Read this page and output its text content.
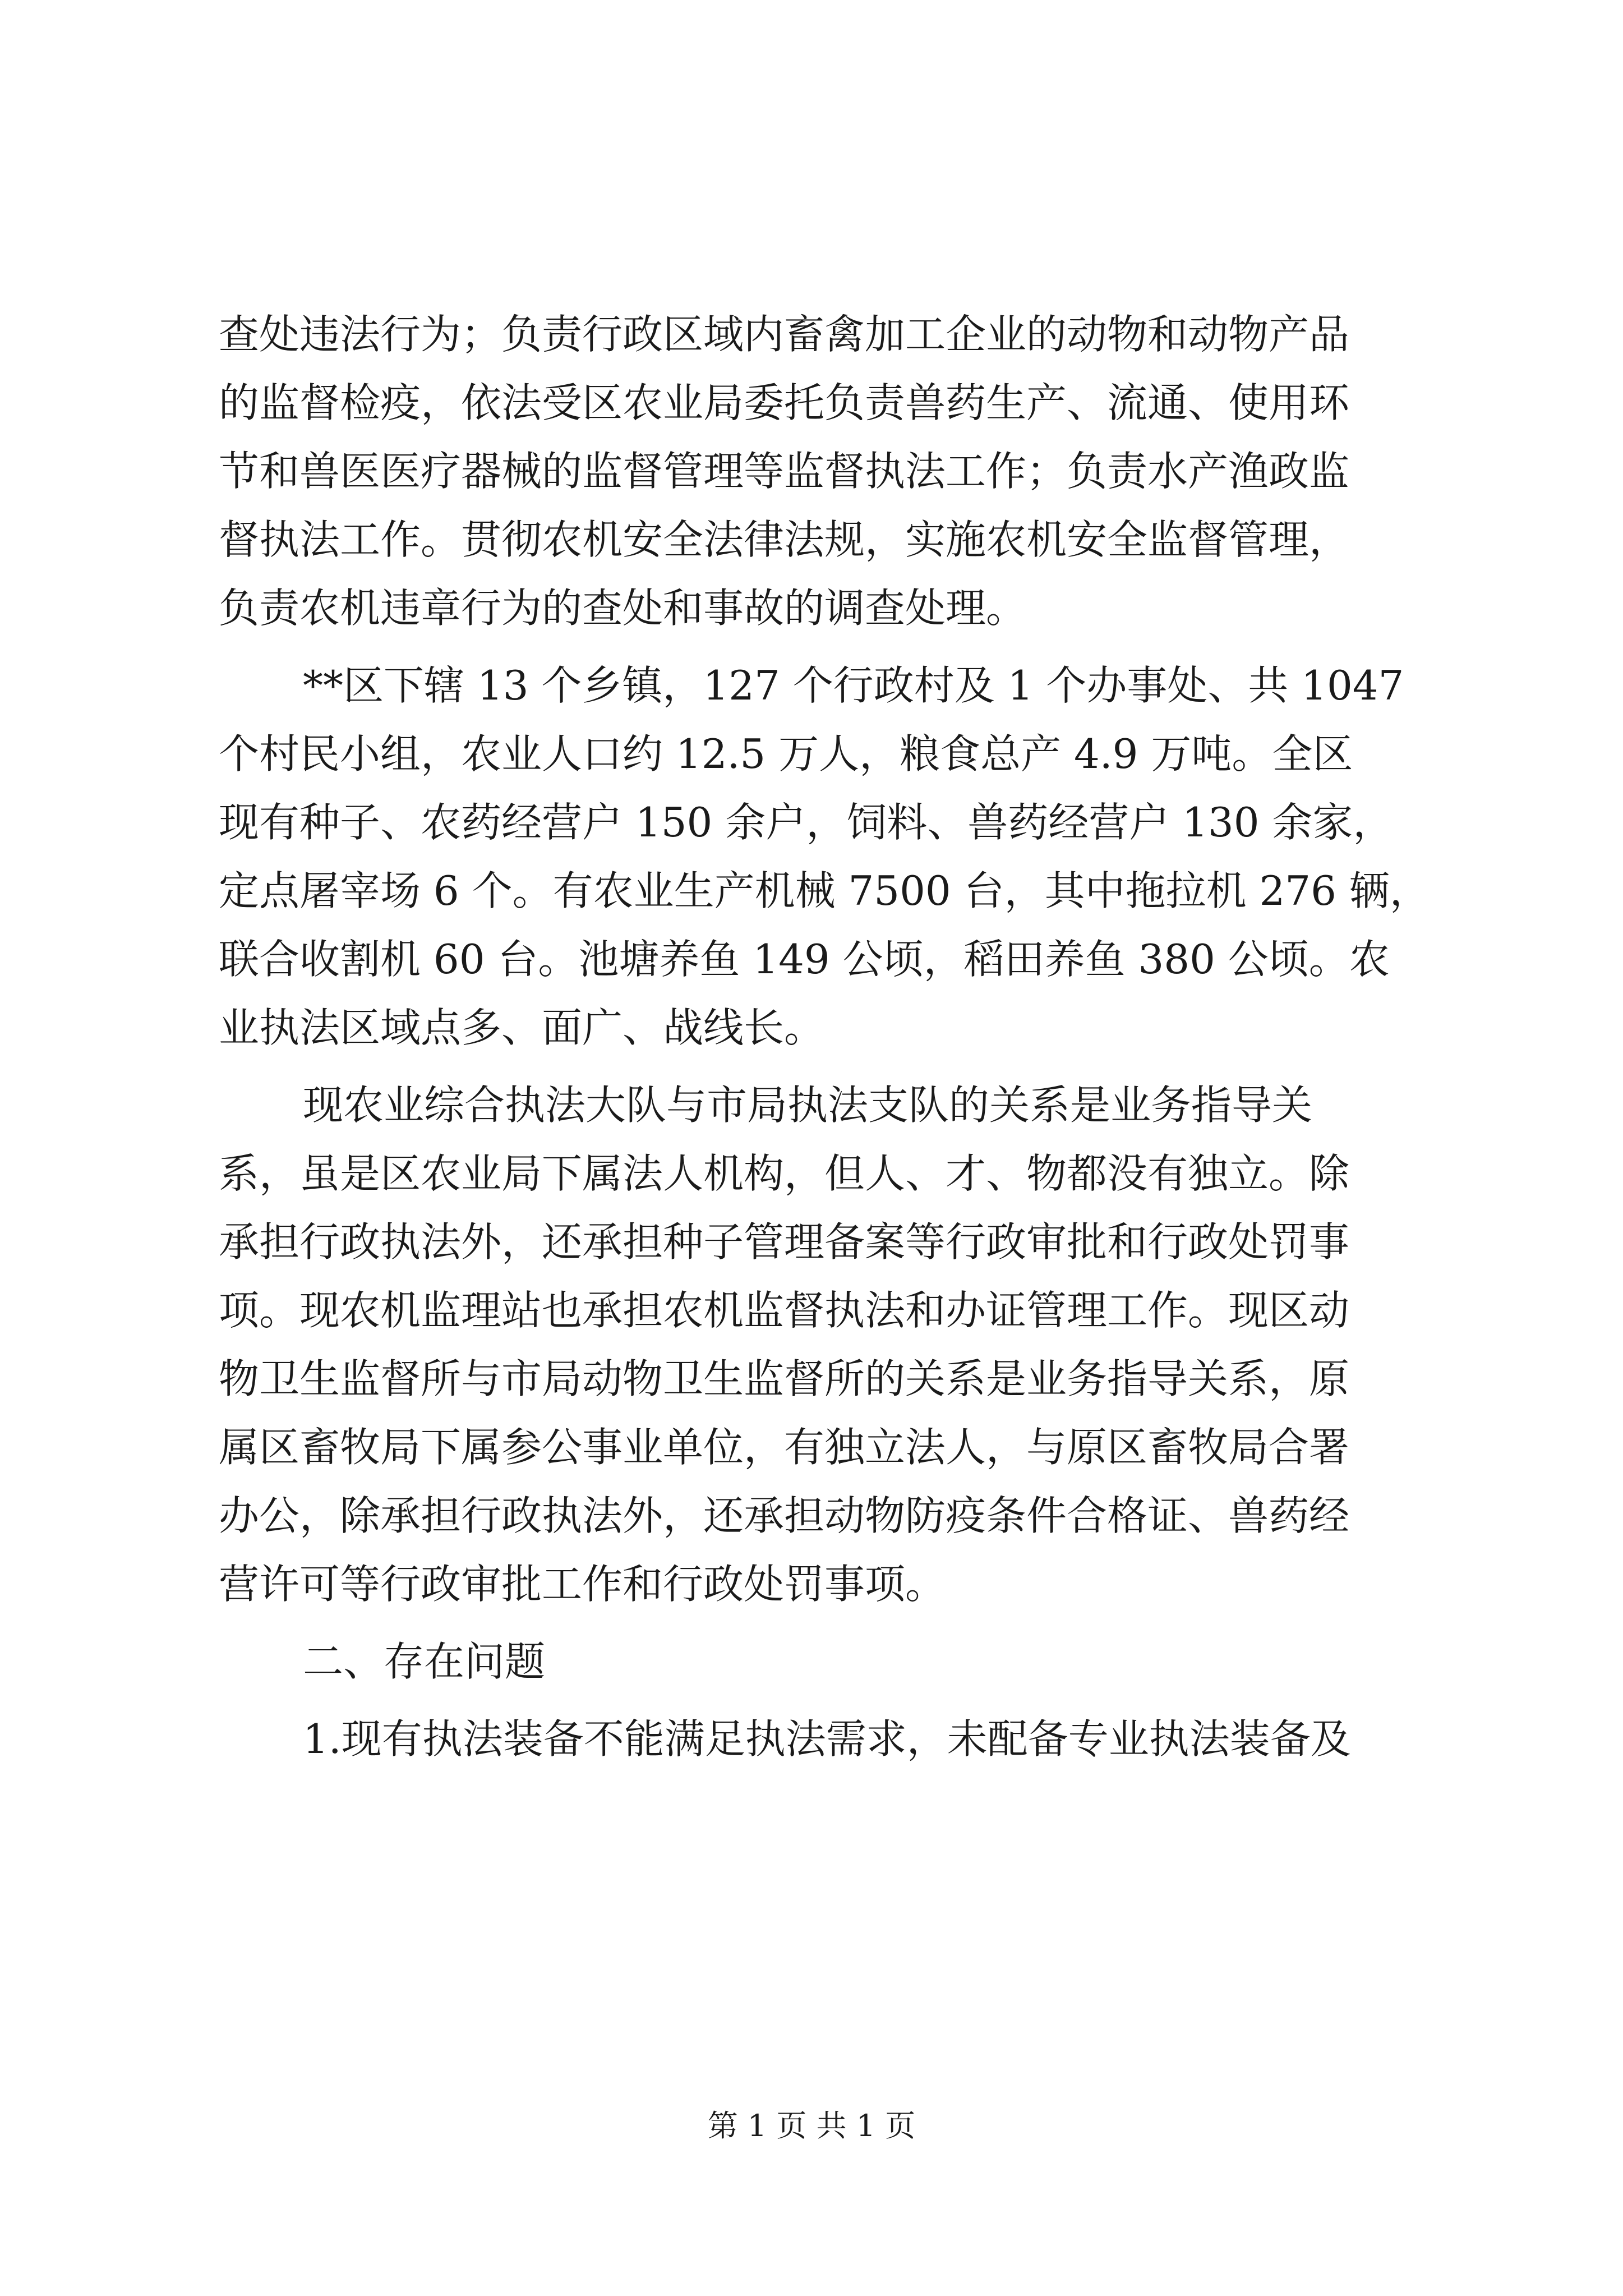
查处违法行为；负责行政区域内畜禽加工企业的动物和动物产品
的监督检疫，依法受区农业局委托负责兽药生产、流通、使用环
节和兽医医疗器械的监督管理等监督执法工作；负责水产渔政监
督执法工作。贯彻农机安全法律法规，实施农机安全监督管理，
负责农机违章行为的查处和事故的调查处理。
**区下辖 13 个乡镇，127 个行政村及 1 个办事处、共 1047
个村民小组，农业人口约 12.5 万人，粮食总产 4.9 万吨。全区
现有种子、农药经营户 150 余户，饲料、兽药经营户 130 余家，
定点屠宰场 6 个。有农业生产机械 7500 台，其中拖拉机 276 辆，
联合收割机 60 台。池塘养鱼 149 公顷，稻田养鱼 380 公顷。农
业执法区域点多、面广、战线长。
现农业综合执法大队与市局执法支队的关系是业务指导关
系，虽是区农业局下属法人机构，但人、才、物都没有独立。除
承担行政执法外，还承担种子管理备案等行政审批和行政处罚事
项。现农机监理站也承担农机监督执法和办证管理工作。现区动
物卫生监督所与市局动物卫生监督所的关系是业务指导关系，原
属区畜牧局下属参公事业单位，有独立法人，与原区畜牧局合署
办公，除承担行政执法外，还承担动物防疫条件合格证、兽药经
营许可等行政审批工作和行政处罚事项。
二、存在问题
1.现有执法装备不能满足执法需求，未配备专业执法装备及
第 1 页 共 1 页
